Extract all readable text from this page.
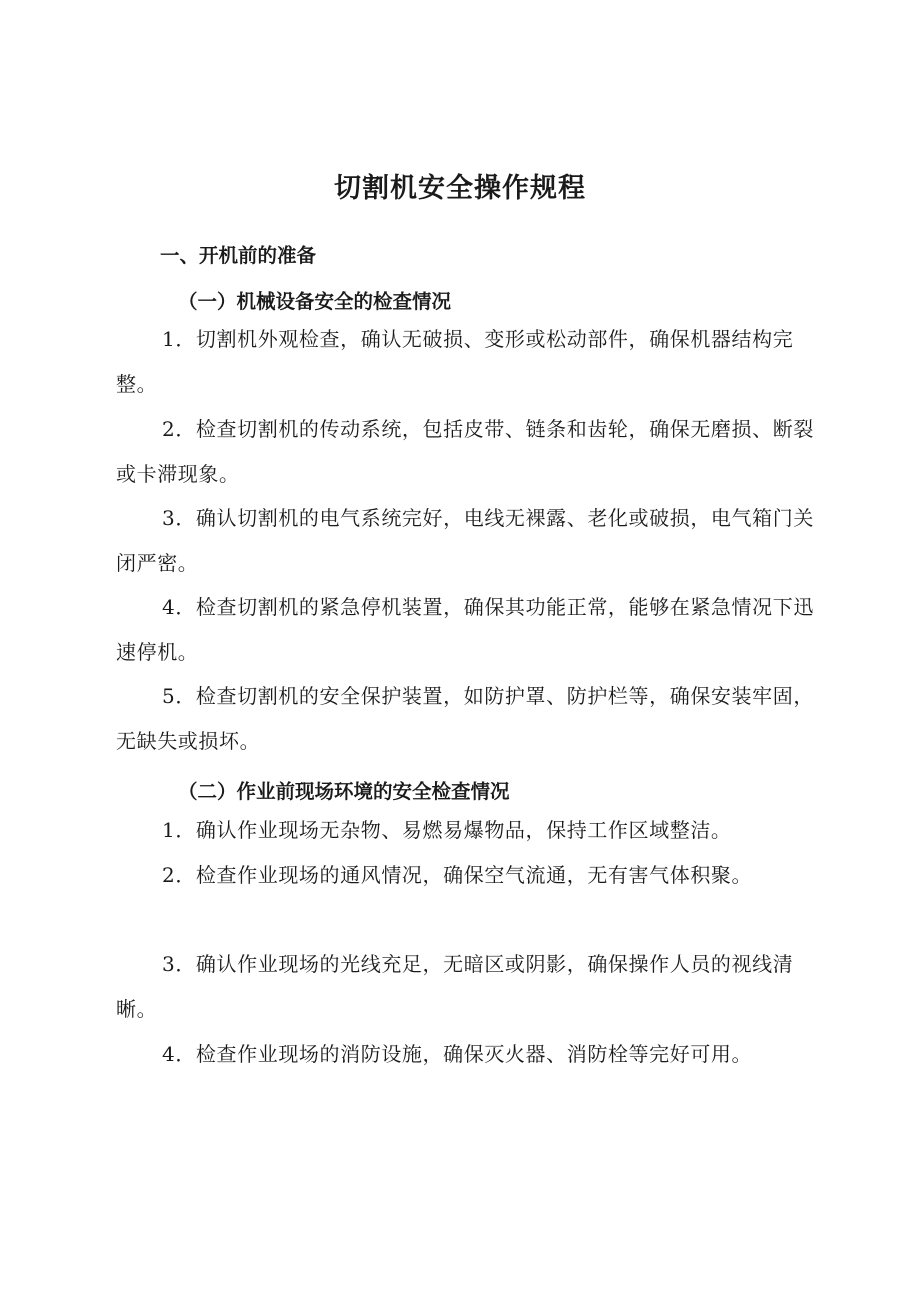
切割机安全操作规程
一、开机前的准备
（一）机械设备安全的检查情况

1．切割机外观检查，确认无破损、变形或松动部件，确保机器结构完整。

2．检查切割机的传动系统，包括皮带、链条和齿轮，确保无磨损、断裂或卡滞现象。

3．确认切割机的电气系统完好，电线无裸露、老化或破损，电气箱门关闭严密。

4．检查切割机的紧急停机装置，确保其功能正常，能够在紧急情况下迅速停机。

5．检查切割机的安全保护装置，如防护罩、防护栏等，确保安装牢固，无缺失或损坏。

（二）作业前现场环境的安全检查情况

1．确认作业现场无杂物、易燃易爆物品，保持工作区域整洁。

2．检查作业现场的通风情况，确保空气流通，无有害气体积聚。

3．确认作业现场的光线充足，无暗区或阴影，确保操作人员的视线清晰。

4．检查作业现场的消防设施，确保灭火器、消防栓等完好可用。
